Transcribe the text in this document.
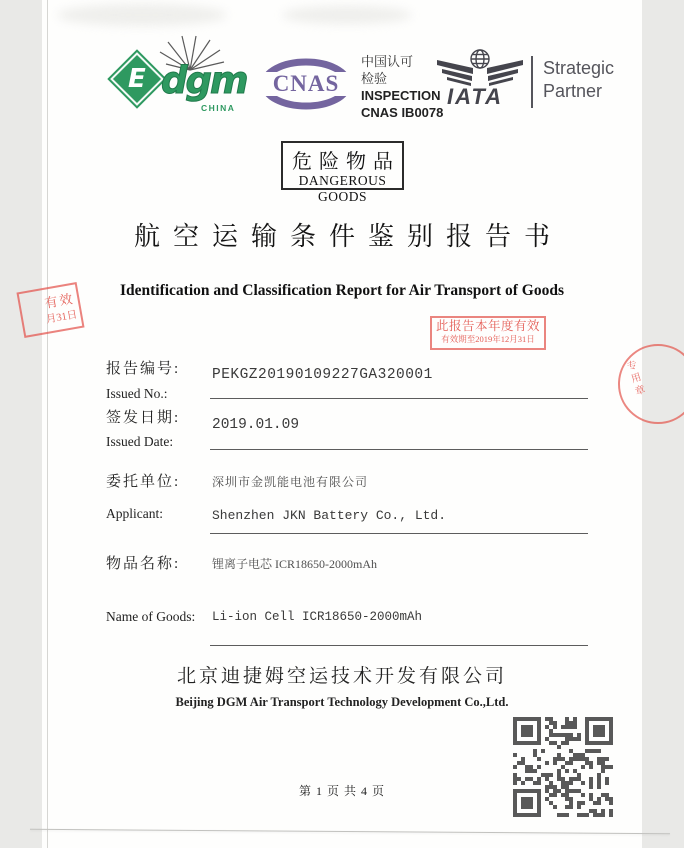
E dgm
CHINA
CNAS
中国认可
检验
INSPECTION
CNAS IB0078
IATA
Strategic
Partner
危险物品
DANGEROUS GOODS
航空运输条件鉴别报告书
Identification and Classification Report for Air Transport of Goods
有效
月31日
此报告本年度有效
有效期至2019年12月31日
专用章
报告编号:
Issued No.:
PEKGZ20190109227GA320001
签发日期:
Issued Date:
2019.01.09
委托单位:
Applicant:
深圳市金凯能电池有限公司
Shenzhen JKN Battery Co., Ltd.
物品名称:
Name of Goods:
锂离子电芯 ICR18650-2000mAh
Li-ion Cell ICR18650-2000mAh
北京迪捷姆空运技术开发有限公司
Beijing DGM Air Transport Technology Development Co.,Ltd.
第 1 页 共 4 页
